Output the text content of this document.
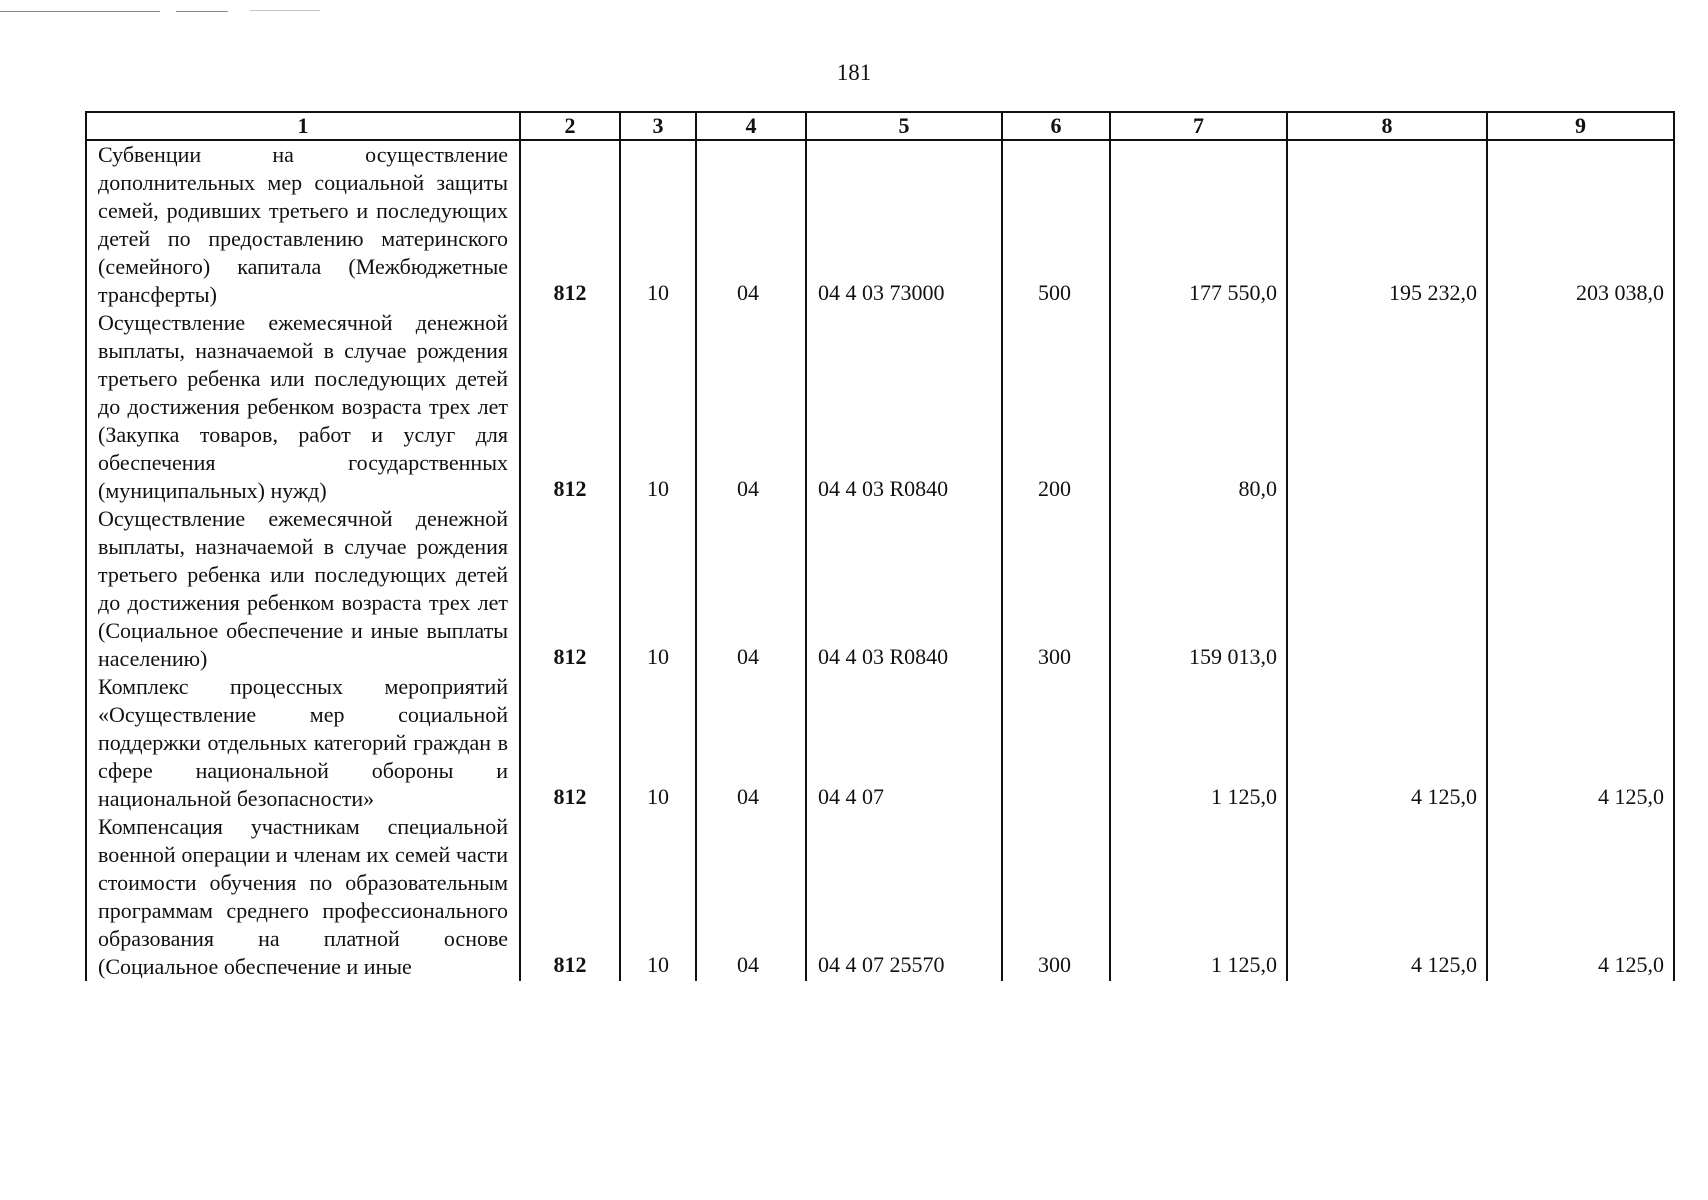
181
1	2	3	4	5	6	7	8	9
Субвенции на осуществление дополнительных мер социальной защиты семей, родивших третьего и последующих детей по предоставлению материнского (семейного) капитала (Межбюджетные трансферты)	812	10	04	04 4 03 73000	500	177 550,0	195 232,0	203 038,0
Осуществление ежемесячной денежной выплаты, назначаемой в случае рождения третьего ребенка или последующих детей до достижения ребенком возраста трех лет (Закупка товаров, работ и услуг для обеспечения государственных (муниципальных) нужд)	812	10	04	04 4 03 R0840	200	80,0		
Осуществление ежемесячной денежной выплаты, назначаемой в случае рождения третьего ребенка или последующих детей до достижения ребенком возраста трех лет (Социальное обеспечение и иные выплаты населению)	812	10	04	04 4 03 R0840	300	159 013,0		
Комплекс процессных мероприятий «Осуществление мер социальной поддержки отдельных категорий граждан в сфере национальной обороны и национальной безопасности»	812	10	04	04 4 07		1 125,0	4 125,0	4 125,0
Компенсация участникам специальной военной операции и членам их семей части стоимости обучения по образовательным программам среднего профессионального образования на платной основе (Социальное обеспечение и иные	812	10	04	04 4 07 25570	300	1 125,0	4 125,0	4 125,0
